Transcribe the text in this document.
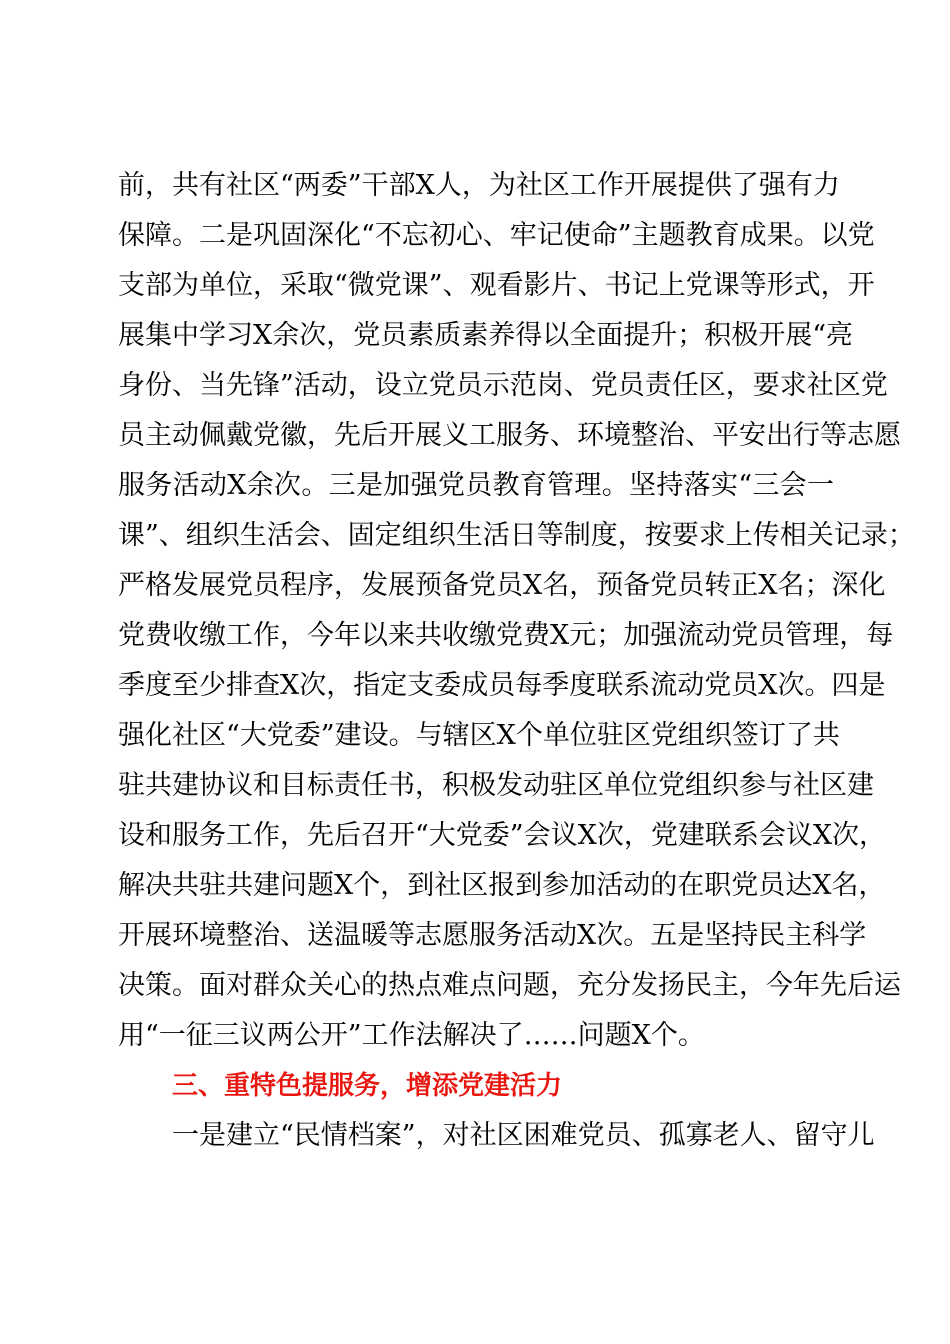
前，共有社区“两委”干部X人，为社区工作开展提供了强有力
保障。二是巩固深化“不忘初心、牢记使命”主题教育成果。以党
支部为单位，采取“微党课”、观看影片、书记上党课等形式，开
展集中学习X余次，党员素质素养得以全面提升；积极开展“亮
身份、当先锋”活动，设立党员示范岗、党员责任区，要求社区党
员主动佩戴党徽，先后开展义工服务、环境整治、平安出行等志愿
服务活动X余次。三是加强党员教育管理。坚持落实“三会一
课”、组织生活会、固定组织生活日等制度，按要求上传相关记录；
严格发展党员程序，发展预备党员X名，预备党员转正X名；深化
党费收缴工作，今年以来共收缴党费X元；加强流动党员管理，每
季度至少排查X次，指定支委成员每季度联系流动党员X次。四是
强化社区“大党委”建设。与辖区X个单位驻区党组织签订了共
驻共建协议和目标责任书，积极发动驻区单位党组织参与社区建
设和服务工作，先后召开“大党委”会议X次，党建联系会议X次，
解决共驻共建问题X个，到社区报到参加活动的在职党员达X名，
开展环境整治、送温暖等志愿服务活动X次。五是坚持民主科学
决策。面对群众关心的热点难点问题，充分发扬民主，今年先后运
用“一征三议两公开”工作法解决了……问题X个。
三、重特色提服务，增添党建活力
一是建立“民情档案”，对社区困难党员、孤寡老人、留守儿
